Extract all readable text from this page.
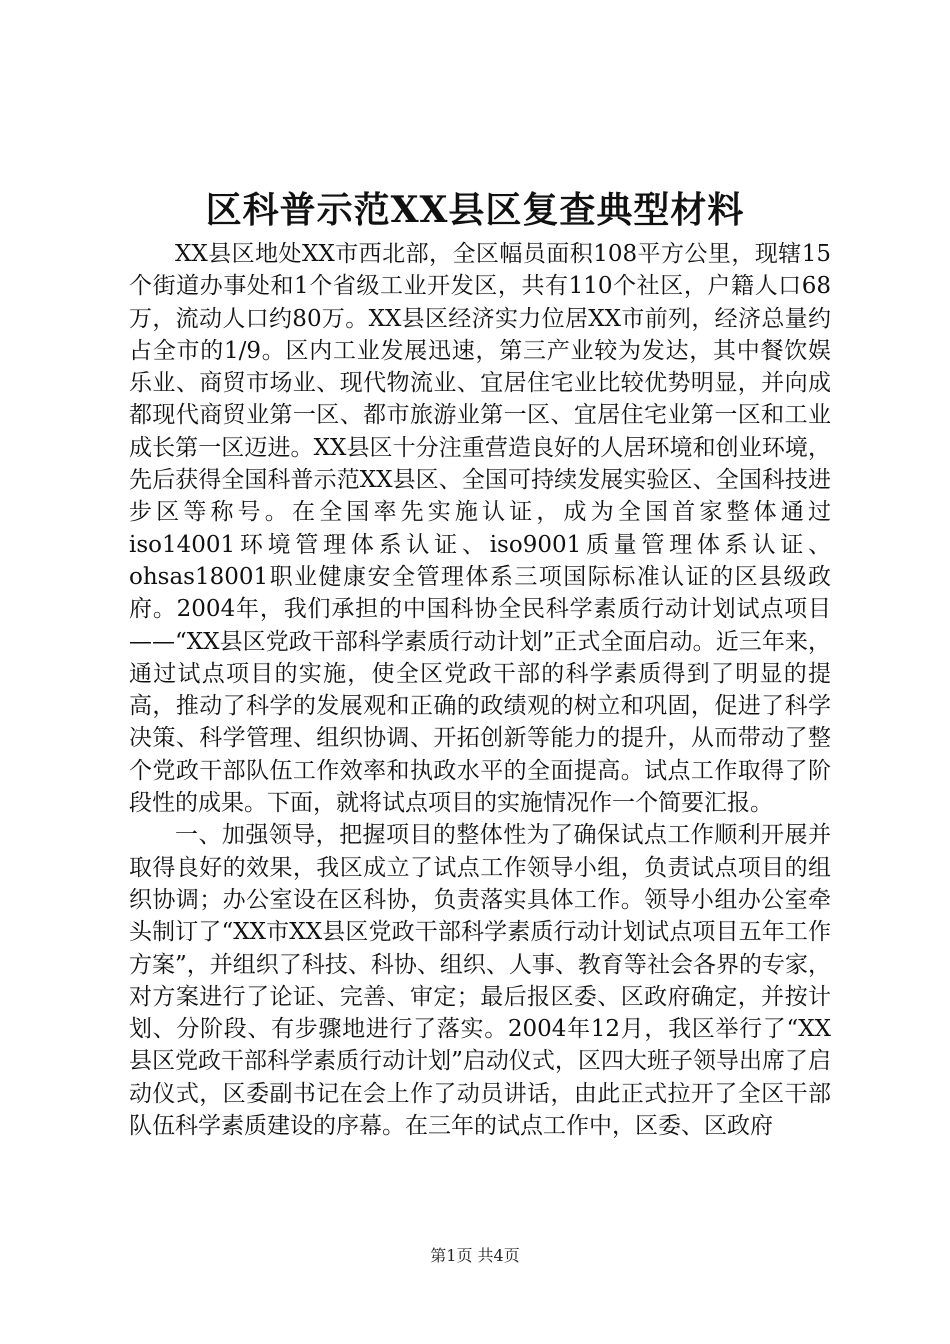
区科普示范XX县区复查典型材料

XX县区地处XX市西北部，全区幅员面积108平方公里，现辖15个街道办事处和1个省级工业开发区，共有110个社区，户籍人口68万，流动人口约80万。XX县区经济实力位居XX市前列，经济总量约占全市的1/9。区内工业发展迅速，第三产业较为发达，其中餐饮娱乐业、商贸市场业、现代物流业、宜居住宅业比较优势明显，并向成都现代商贸业第一区、都市旅游业第一区、宜居住宅业第一区和工业成长第一区迈进。XX县区十分注重营造良好的人居环境和创业环境，先后获得全国科普示范XX县区、全国可持续发展实验区、全国科技进步区等称号。在全国率先实施认证，成为全国首家整体通过iso14001环境管理体系认证、iso9001质量管理体系认证、ohsas18001职业健康安全管理体系三项国际标准认证的区县级政府。2004年，我们承担的中国科协全民科学素质行动计划试点项目——“XX县区党政干部科学素质行动计划”正式全面启动。近三年来，通过试点项目的实施，使全区党政干部的科学素质得到了明显的提高，推动了科学的发展观和正确的政绩观的树立和巩固，促进了科学决策、科学管理、组织协调、开拓创新等能力的提升，从而带动了整个党政干部队伍工作效率和执政水平的全面提高。试点工作取得了阶段性的成果。下面，就将试点项目的实施情况作一个简要汇报。

一、加强领导，把握项目的整体性为了确保试点工作顺利开展并取得良好的效果，我区成立了试点工作领导小组，负责试点项目的组织协调；办公室设在区科协，负责落实具体工作。领导小组办公室牵头制订了“XX市XX县区党政干部科学素质行动计划试点项目五年工作方案”，并组织了科技、科协、组织、人事、教育等社会各界的专家，对方案进行了论证、完善、审定；最后报区委、区政府确定，并按计划、分阶段、有步骤地进行了落实。2004年12月，我区举行了“XX县区党政干部科学素质行动计划”启动仪式，区四大班子领导出席了启动仪式，区委副书记在会上作了动员讲话，由此正式拉开了全区干部队伍科学素质建设的序幕。在三年的试点工作中，区委、区政府

第1页 共4页
